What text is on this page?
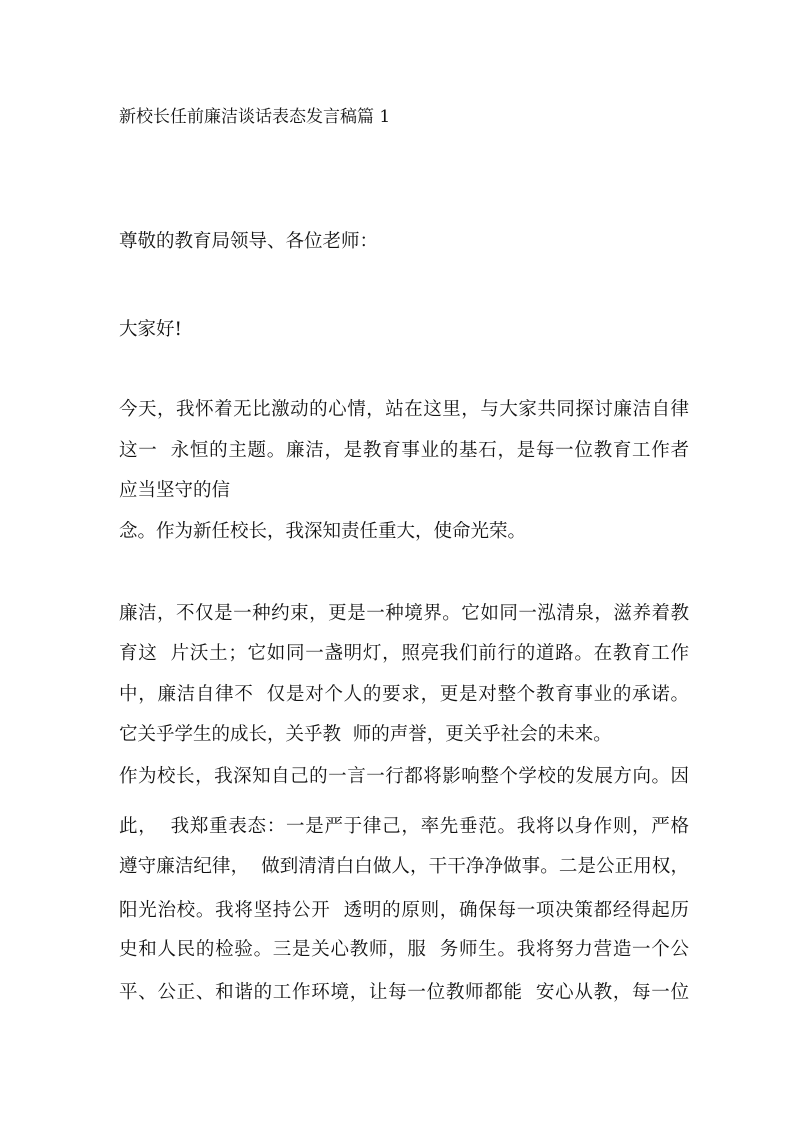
新校长任前廉洁谈话表态发言稿篇 1
尊敬的教育局领导、各位老师：
大家好!
今天，我怀着无比激动的心情，站在这里，与大家共同探讨廉洁自律
这一  永恒的主题。廉洁，是教育事业的基石，是每一位教育工作者
应当坚守的信
念。作为新任校长，我深知责任重大，使命光荣。
廉洁，不仅是一种约束，更是一种境界。它如同一泓清泉，滋养着教
育这  片沃土；它如同一盏明灯，照亮我们前行的道路。在教育工作
中，廉洁自律不  仅是对个人的要求，更是对整个教育事业的承诺。
它关乎学生的成长，关乎教  师的声誉，更关乎社会的未来。
作为校长，我深知自己的一言一行都将影响整个学校的发展方向。因
此，  我郑重表态：一是严于律己，率先垂范。我将以身作则，严格
遵守廉洁纪律，  做到清清白白做人，干干净净做事。二是公正用权，
阳光治校。我将坚持公开  透明的原则，确保每一项决策都经得起历
史和人民的检验。三是关心教师，服  务师生。我将努力营造一个公
平、公正、和谐的工作环境，让每一位教师都能  安心从教，每一位
